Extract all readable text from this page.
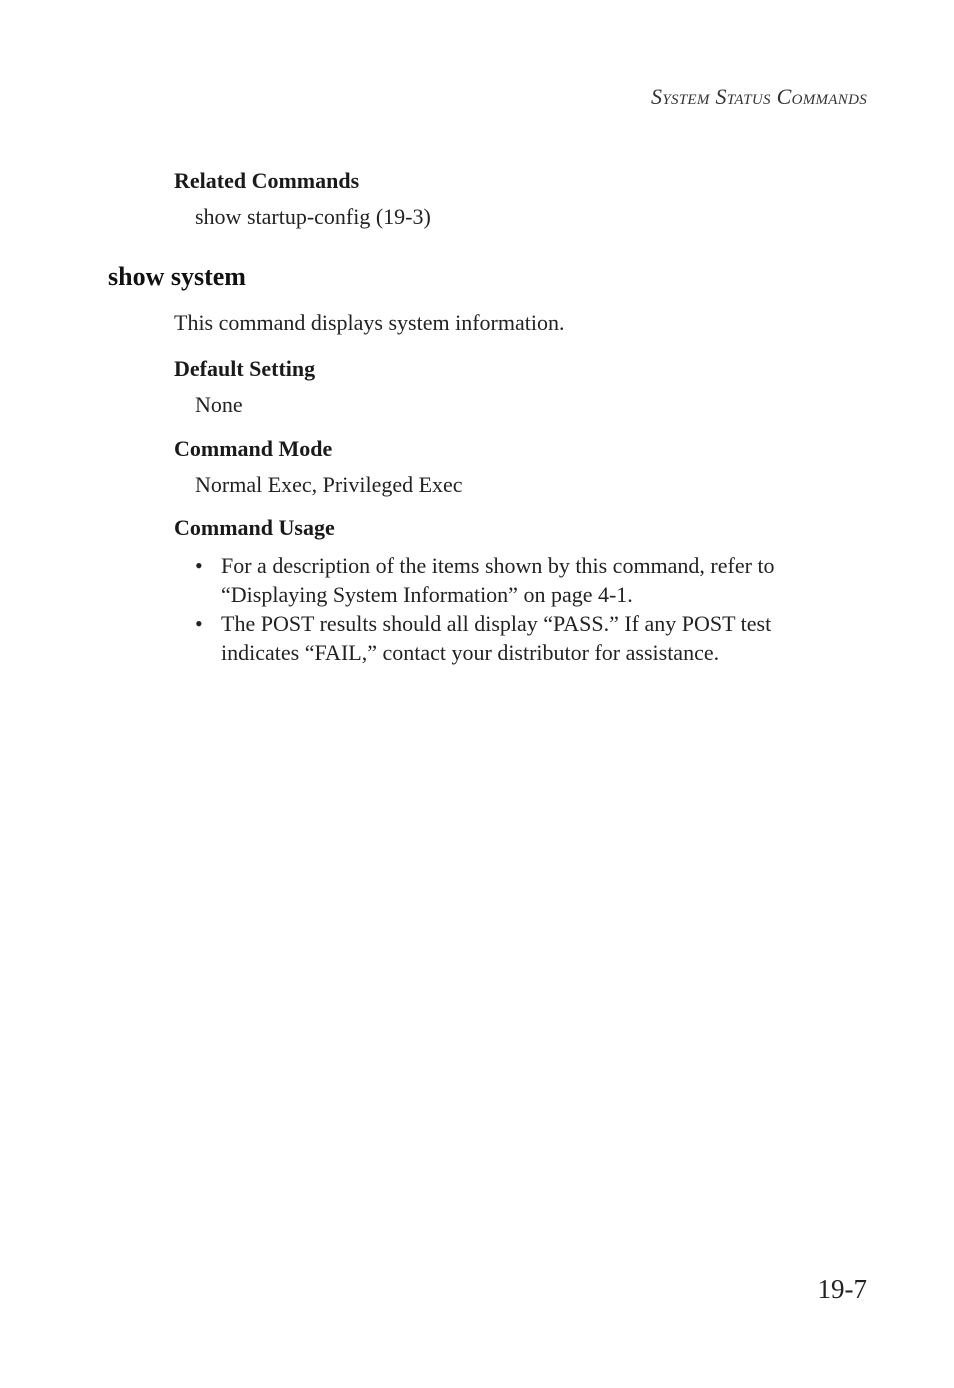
System Status Commands
Related Commands
show startup-config (19-3)
show system
This command displays system information.
Default Setting
None
Command Mode
Normal Exec, Privileged Exec
Command Usage
• For a description of the items shown by this command, refer to “Displaying System Information” on page 4-1.
• The POST results should all display “PASS.” If any POST test indicates “FAIL,” contact your distributor for assistance.
19-7
